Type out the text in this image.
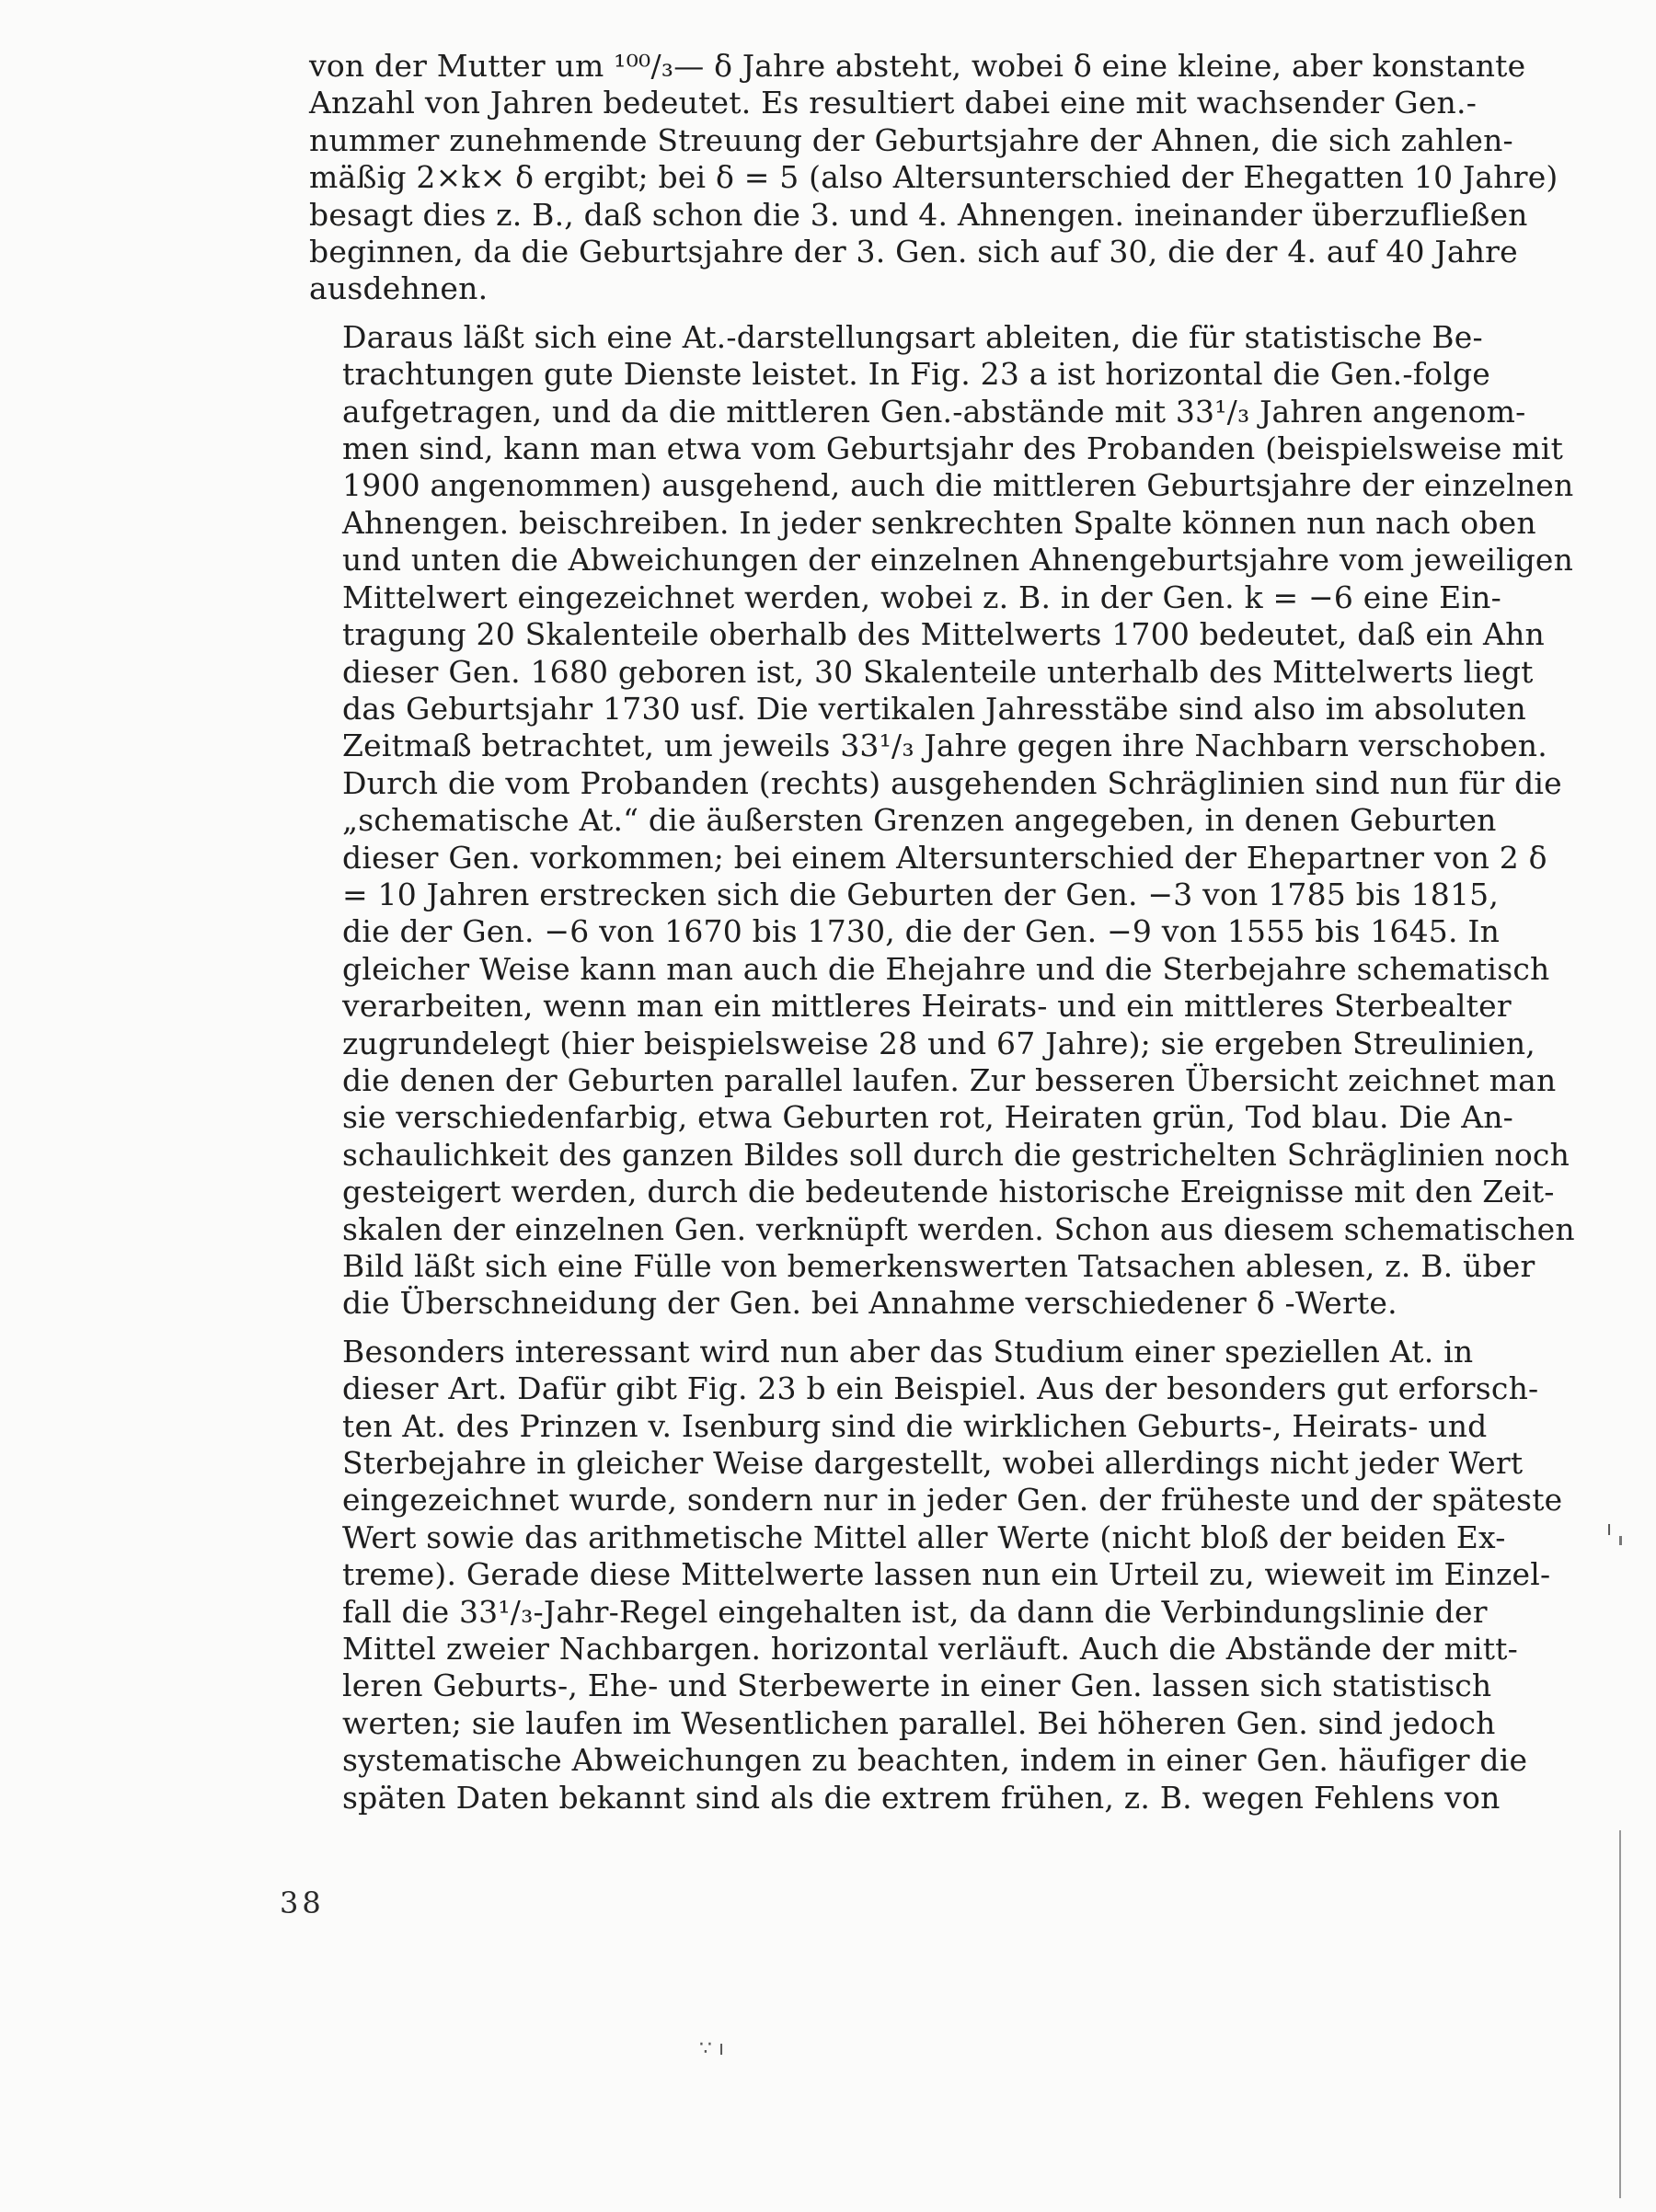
von der Mutter um ¹⁰⁰/₃— δ Jahre absteht, wobei δ eine kleine, aber konstante
Anzahl von Jahren bedeutet. Es resultiert dabei eine mit wachsender Gen.-
nummer zunehmende Streuung der Geburtsjahre der Ahnen, die sich zahlen-
mäßig 2×k× δ ergibt; bei δ = 5 (also Altersunterschied der Ehegatten 10 Jahre)
besagt dies z. B., daß schon die 3. und 4. Ahnengen. ineinander überzufließen
beginnen, da die Geburtsjahre der 3. Gen. sich auf 30, die der 4. auf 40 Jahre
ausdehnen.

Daraus läßt sich eine At.-darstellungsart ableiten, die für statistische Be-
trachtungen gute Dienste leistet. In Fig. 23 a ist horizontal die Gen.-folge
aufgetragen, und da die mittleren Gen.-abstände mit 33¹/₃ Jahren angenom-
men sind, kann man etwa vom Geburtsjahr des Probanden (beispielsweise mit
1900 angenommen) ausgehend, auch die mittleren Geburtsjahre der einzelnen
Ahnengen. beischreiben. In jeder senkrechten Spalte können nun nach oben
und unten die Abweichungen der einzelnen Ahnengeburtsjahre vom jeweiligen
Mittelwert eingezeichnet werden, wobei z. B. in der Gen. k = −6 eine Ein-
tragung 20 Skalenteile oberhalb des Mittelwerts 1700 bedeutet, daß ein Ahn
dieser Gen. 1680 geboren ist, 30 Skalenteile unterhalb des Mittelwerts liegt
das Geburtsjahr 1730 usf. Die vertikalen Jahresstäbe sind also im absoluten
Zeitmaß betrachtet, um jeweils 33¹/₃ Jahre gegen ihre Nachbarn verschoben.
Durch die vom Probanden (rechts) ausgehenden Schräglinien sind nun für die
„schematische At.“ die äußersten Grenzen angegeben, in denen Geburten
dieser Gen. vorkommen; bei einem Altersunterschied der Ehepartner von 2 δ
= 10 Jahren erstrecken sich die Geburten der Gen. −3 von 1785 bis 1815,
die der Gen. −6 von 1670 bis 1730, die der Gen. −9 von 1555 bis 1645. In
gleicher Weise kann man auch die Ehejahre und die Sterbejahre schematisch
verarbeiten, wenn man ein mittleres Heirats- und ein mittleres Sterbealter
zugrundelegt (hier beispielsweise 28 und 67 Jahre); sie ergeben Streulinien,
die denen der Geburten parallel laufen. Zur besseren Übersicht zeichnet man
sie verschiedenfarbig, etwa Geburten rot, Heiraten grün, Tod blau. Die An-
schaulichkeit des ganzen Bildes soll durch die gestrichelten Schräglinien noch
gesteigert werden, durch die bedeutende historische Ereignisse mit den Zeit-
skalen der einzelnen Gen. verknüpft werden. Schon aus diesem schematischen
Bild läßt sich eine Fülle von bemerkenswerten Tatsachen ablesen, z. B. über
die Überschneidung der Gen. bei Annahme verschiedener δ -Werte.

Besonders interessant wird nun aber das Studium einer speziellen At. in
dieser Art. Dafür gibt Fig. 23 b ein Beispiel. Aus der besonders gut erforsch-
ten At. des Prinzen v. Isenburg sind die wirklichen Geburts-, Heirats- und
Sterbejahre in gleicher Weise dargestellt, wobei allerdings nicht jeder Wert
eingezeichnet wurde, sondern nur in jeder Gen. der früheste und der späteste
Wert sowie das arithmetische Mittel aller Werte (nicht bloß der beiden Ex-
treme). Gerade diese Mittelwerte lassen nun ein Urteil zu, wieweit im Einzel-
fall die 33¹/₃-Jahr-Regel eingehalten ist, da dann die Verbindungslinie der
Mittel zweier Nachbargen. horizontal verläuft. Auch die Abstände der mitt-
leren Geburts-, Ehe- und Sterbewerte in einer Gen. lassen sich statistisch
werten; sie laufen im Wesentlichen parallel. Bei höheren Gen. sind jedoch
systematische Abweichungen zu beachten, indem in einer Gen. häufiger die
späten Daten bekannt sind als die extrem frühen, z. B. wegen Fehlens von

38
ı
∵ ı
